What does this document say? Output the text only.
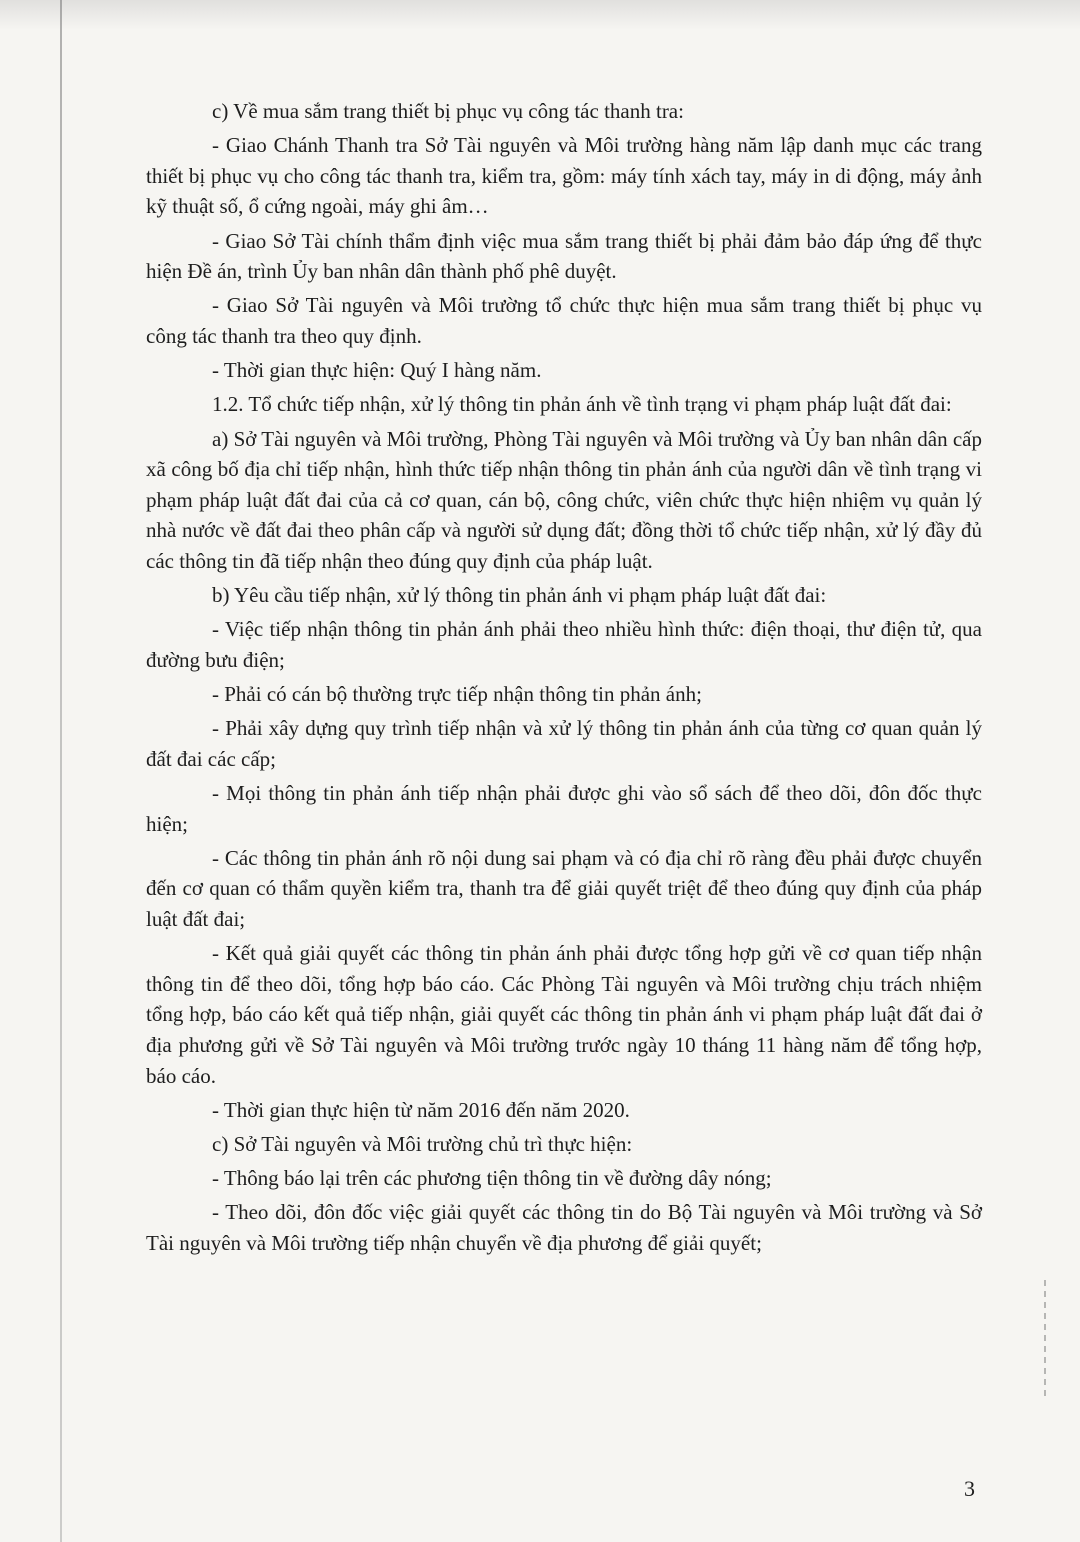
c) Về mua sắm trang thiết bị phục vụ công tác thanh tra:

- Giao Chánh Thanh tra Sở Tài nguyên và Môi trường hàng năm lập danh mục các trang thiết bị phục vụ cho công tác thanh tra, kiểm tra, gồm: máy tính xách tay, máy in di động, máy ảnh kỹ thuật số, ổ cứng ngoài, máy ghi âm…

- Giao Sở Tài chính thẩm định việc mua sắm trang thiết bị phải đảm bảo đáp ứng để thực hiện Đề án, trình Ủy ban nhân dân thành phố phê duyệt.

- Giao Sở Tài nguyên và Môi trường tổ chức thực hiện mua sắm trang thiết bị phục vụ công tác thanh tra theo quy định.

- Thời gian thực hiện: Quý I hàng năm.

1.2. Tổ chức tiếp nhận, xử lý thông tin phản ánh về tình trạng vi phạm pháp luật đất đai:

a) Sở Tài nguyên và Môi trường, Phòng Tài nguyên và Môi trường và Ủy ban nhân dân cấp xã công bố địa chỉ tiếp nhận, hình thức tiếp nhận thông tin phản ánh của người dân về tình trạng vi phạm pháp luật đất đai của cả cơ quan, cán bộ, công chức, viên chức thực hiện nhiệm vụ quản lý nhà nước về đất đai theo phân cấp và người sử dụng đất; đồng thời tổ chức tiếp nhận, xử lý đầy đủ các thông tin đã tiếp nhận theo đúng quy định của pháp luật.

b) Yêu cầu tiếp nhận, xử lý thông tin phản ánh vi phạm pháp luật đất đai:

- Việc tiếp nhận thông tin phản ánh phải theo nhiều hình thức: điện thoại, thư điện tử, qua đường bưu điện;

- Phải có cán bộ thường trực tiếp nhận thông tin phản ánh;

- Phải xây dựng quy trình tiếp nhận và xử lý thông tin phản ánh của từng cơ quan quản lý đất đai các cấp;

- Mọi thông tin phản ánh tiếp nhận phải được ghi vào sổ sách để theo dõi, đôn đốc thực hiện;

- Các thông tin phản ánh rõ nội dung sai phạm và có địa chỉ rõ ràng đều phải được chuyển đến cơ quan có thẩm quyền kiểm tra, thanh tra để giải quyết triệt để theo đúng quy định của pháp luật đất đai;

- Kết quả giải quyết các thông tin phản ánh phải được tổng hợp gửi về cơ quan tiếp nhận thông tin để theo dõi, tổng hợp báo cáo. Các Phòng Tài nguyên và Môi trường chịu trách nhiệm tổng hợp, báo cáo kết quả tiếp nhận, giải quyết các thông tin phản ánh vi phạm pháp luật đất đai ở địa phương gửi về Sở Tài nguyên và Môi trường trước ngày 10 tháng 11 hàng năm để tổng hợp, báo cáo.

- Thời gian thực hiện từ năm 2016 đến năm 2020.

c) Sở Tài nguyên và Môi trường chủ trì thực hiện:

- Thông báo lại trên các phương tiện thông tin về đường dây nóng;

- Theo dõi, đôn đốc việc giải quyết các thông tin do Bộ Tài nguyên và Môi trường và Sở Tài nguyên và Môi trường tiếp nhận chuyển về địa phương để giải quyết;

3
